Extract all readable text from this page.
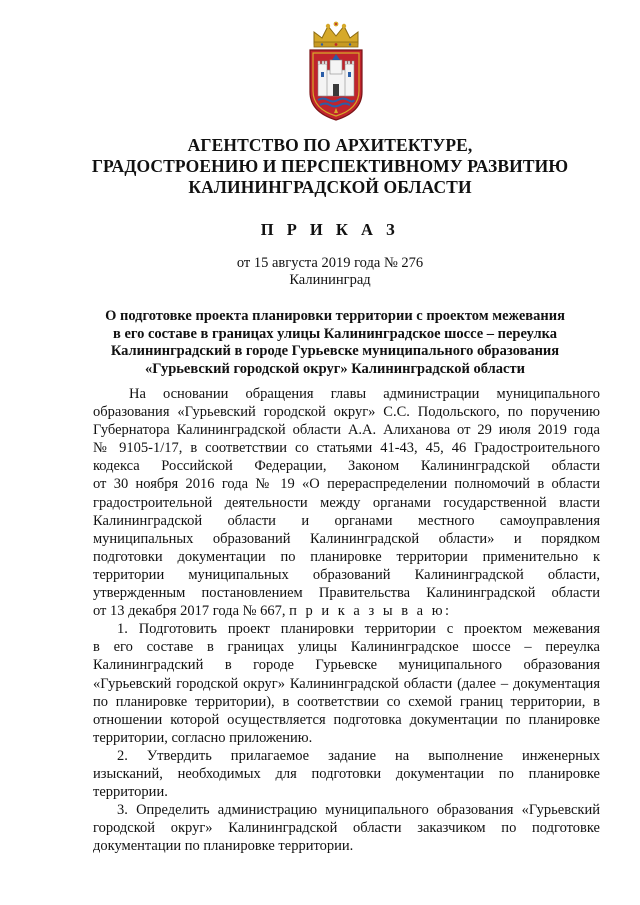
АГЕНТСТВО ПО АРХИТЕКТУРЕ,
ГРАДОСТРОЕНИЮ И ПЕРСПЕКТИВНОМУ РАЗВИТИЮ
КАЛИНИНГРАДСКОЙ ОБЛАСТИ
П Р И К А З
от 15 августа 2019 года № 276
Калининград
О подготовке проекта планировки территории с проектом межевания
в его составе в границах улицы Калининградское шоссе – переулка
Калининградский в городе Гурьевске муниципального образования
«Гурьевский городской округ» Калининградской области
На основании обращения главы администрации муниципального
образования «Гурьевский городской округ» С.С. Подольского, по поручению
Губернатора Калининградской области А.А. Алиханова от 29 июля 2019 года
№ 9105-1/17, в соответствии со статьями 41-43, 45, 46 Градостроительного
кодекса Российской Федерации, Законом Калининградской области
от 30 ноября 2016 года № 19 «О перераспределении полномочий в области
градостроительной деятельности между органами государственной власти
Калининградской области и органами местного самоуправления
муниципальных образований Калининградской области» и порядком
подготовки документации по планировке территории применительно к
территории муниципальных образований Калининградской области,
утвержденным постановлением Правительства Калининградской области
от 13 декабря 2017 года № 667, п р и к а з ы в а ю:
1. Подготовить проект планировки территории с проектом межевания
в его составе в границах улицы Калининградское шоссе – переулка
Калининградский в городе Гурьевске муниципального образования
«Гурьевский городской округ» Калининградской области (далее – документация
по планировке территории), в соответствии со схемой границ территории, в
отношении которой осуществляется подготовка документации по планировке
территории, согласно приложению.
2. Утвердить прилагаемое задание на выполнение инженерных
изысканий, необходимых для подготовки документации по планировке
территории.
3. Определить администрацию муниципального образования «Гурьевский
городской округ» Калининградской области заказчиком по подготовке
документации по планировке территории.
